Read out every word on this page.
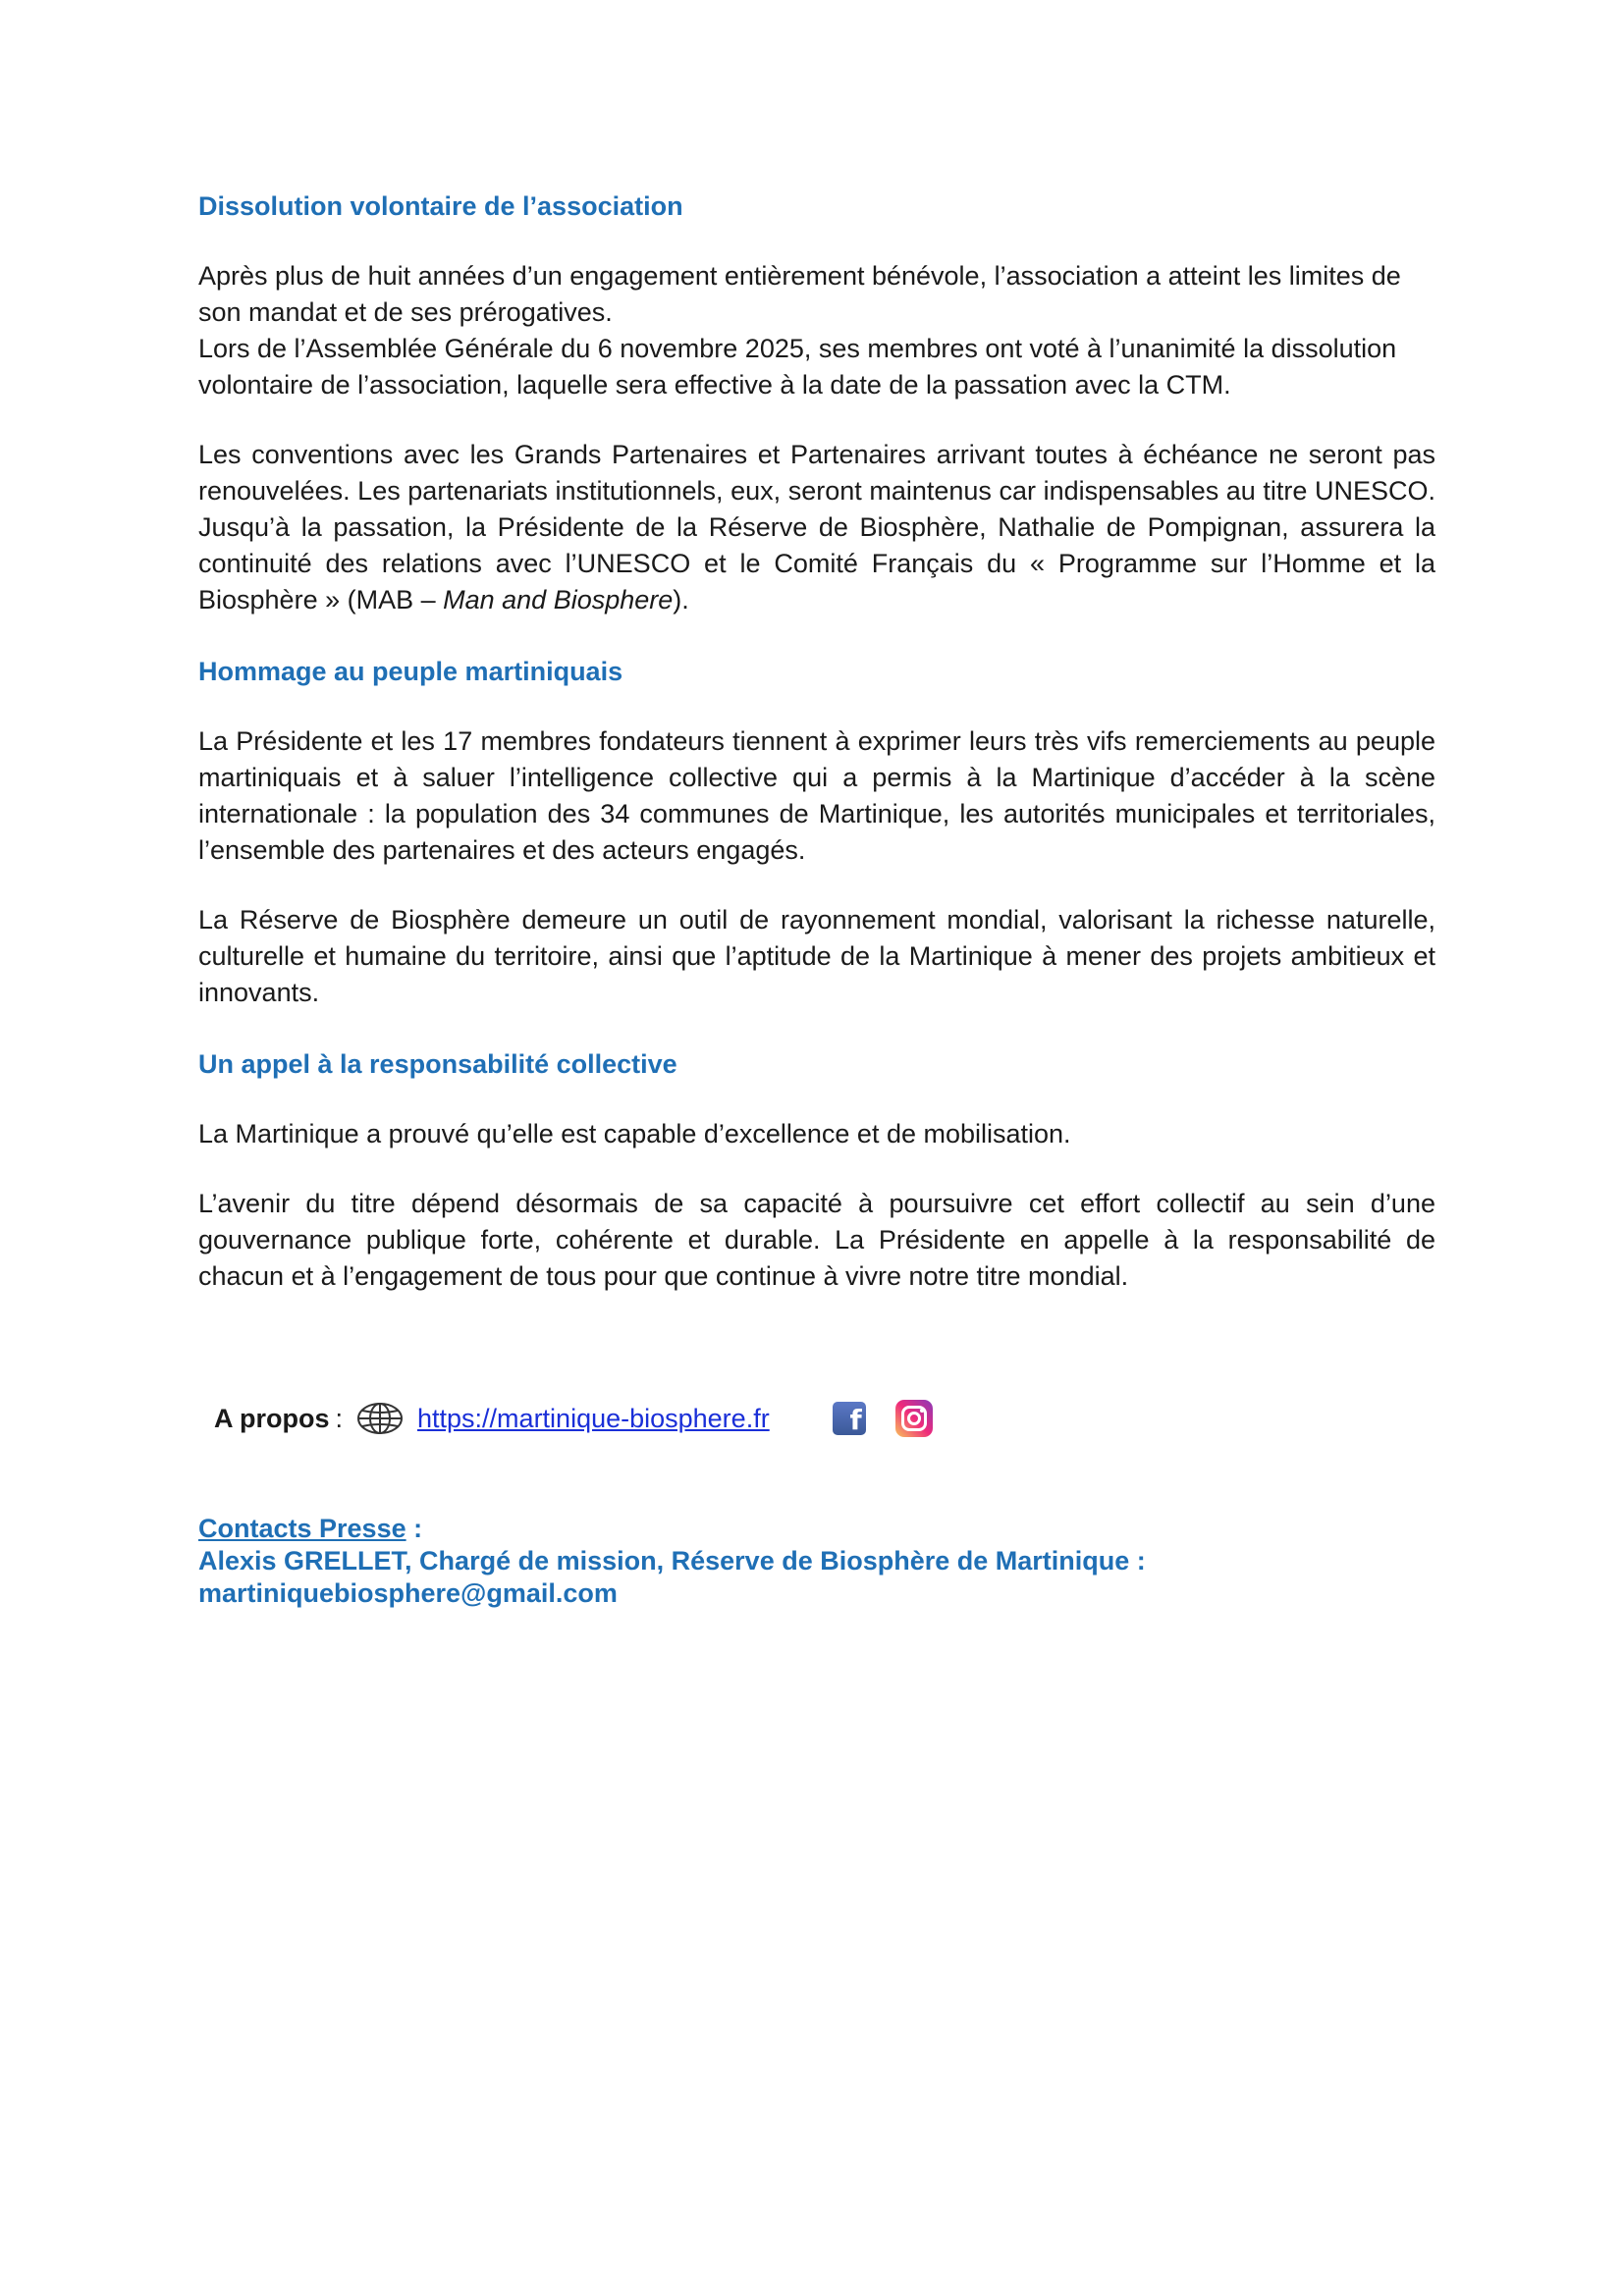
Dissolution volontaire de l’association

Après plus de huit années d’un engagement entièrement bénévole, l’association a atteint les limites de
son mandat et de ses prérogatives.
Lors de l’Assemblée Générale du 6 novembre 2025, ses membres ont voté à l’unanimité la dissolution
volontaire de l’association, laquelle sera effective à la date de la passation avec la CTM.

Les conventions avec les Grands Partenaires et Partenaires arrivant toutes à échéance ne seront pas renouvelées. Les partenariats institutionnels, eux, seront maintenus car indispensables au titre UNESCO. Jusqu’à la passation, la Présidente de la Réserve de Biosphère, Nathalie de Pompignan, assurera la continuité des relations avec l’UNESCO et le Comité Français du « Programme sur l’Homme et la Biosphère » (MAB – Man and Biosphere).

Hommage au peuple martiniquais

La Présidente et les 17 membres fondateurs tiennent à exprimer leurs très vifs remerciements au peuple martiniquais et à saluer l’intelligence collective qui a permis à la Martinique d’accéder à la scène internationale : la population des 34 communes de Martinique, les autorités municipales et territoriales, l’ensemble des partenaires et des acteurs engagés.

La Réserve de Biosphère demeure un outil de rayonnement mondial, valorisant la richesse naturelle, culturelle et humaine du territoire, ainsi que l’aptitude de la Martinique à mener des projets ambitieux et innovants.

Un appel à la responsabilité collective

La Martinique a prouvé qu’elle est capable d’excellence et de mobilisation.

L’avenir du titre dépend désormais de sa capacité à poursuivre cet effort collectif au sein d’une gouvernance publique forte, cohérente et durable. La Présidente en appelle à la responsabilité de chacun et à l’engagement de tous pour que continue à vivre notre titre mondial.

A propos :	https://martinique-biosphere.fr	f
Contacts Presse :
Alexis GRELLET, Chargé de mission, Réserve de Biosphère de Martinique :
martiniquebiosphere@gmail.com
